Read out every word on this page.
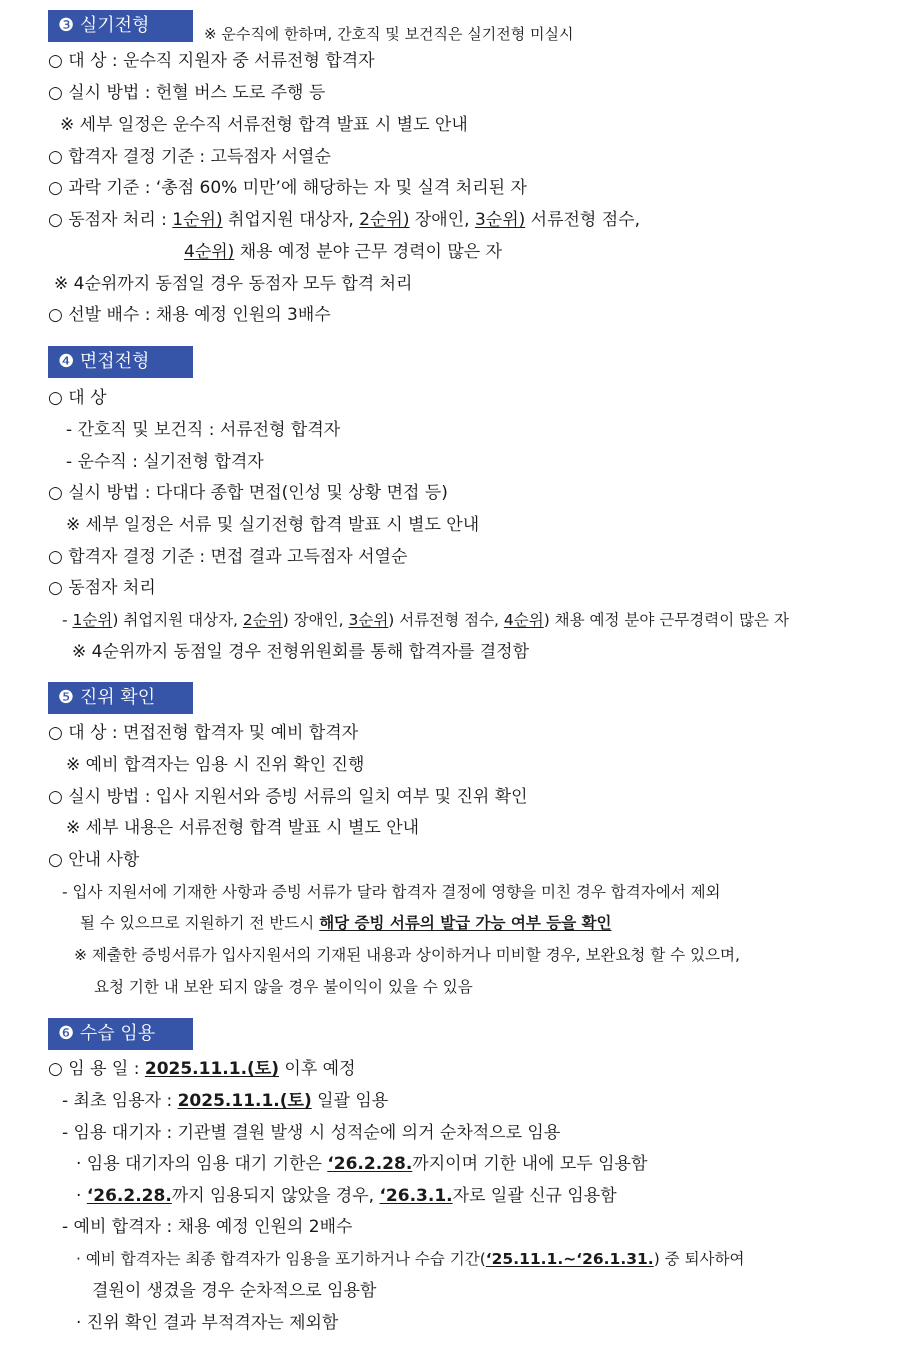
❸ 실기전형	※ 운수직에 한하며, 간호직 및 보건직은 실기전형 미실시
○ 대 상 : 운수직 지원자 중 서류전형 합격자
○ 실시 방법 : 헌혈 버스 도로 주행 등
※ 세부 일정은 운수직 서류전형 합격 발표 시 별도 안내
○ 합격자 결정 기준 : 고득점자 서열순
○ 과락 기준 : ‘총점 60% 미만’에 해당하는 자 및 실격 처리된 자
○ 동점자 처리 : 1순위) 취업지원 대상자, 2순위) 장애인, 3순위) 서류전형 점수,
4순위) 채용 예정 분야 근무 경력이 많은 자
※ 4순위까지 동점일 경우 동점자 모두 합격 처리
○ 선발 배수 : 채용 예정 인원의 3배수
❹ 면접전형
○ 대 상
- 간호직 및 보건직 : 서류전형 합격자
- 운수직 : 실기전형 합격자
○ 실시 방법 : 다대다 종합 면접(인성 및 상황 면접 등)
※ 세부 일정은 서류 및 실기전형 합격 발표 시 별도 안내
○ 합격자 결정 기준 : 면접 결과 고득점자 서열순
○ 동점자 처리
- 1순위) 취업지원 대상자, 2순위) 장애인, 3순위) 서류전형 점수, 4순위) 채용 예정 분야 근무경력이 많은 자
※ 4순위까지 동점일 경우 전형위원회를 통해 합격자를 결정함
❺ 진위 확인
○ 대 상 : 면접전형 합격자 및 예비 합격자
※ 예비 합격자는 임용 시 진위 확인 진행
○ 실시 방법 : 입사 지원서와 증빙 서류의 일치 여부 및 진위 확인
※ 세부 내용은 서류전형 합격 발표 시 별도 안내
○ 안내 사항
- 입사 지원서에 기재한 사항과 증빙 서류가 달라 합격자 결정에 영향을 미친 경우 합격자에서 제외
될 수 있으므로 지원하기 전 반드시 해당 증빙 서류의 발급 가능 여부 등을 확인
※ 제출한 증빙서류가 입사지원서의 기재된 내용과 상이하거나 미비할 경우, 보완요청 할 수 있으며,
요청 기한 내 보완 되지 않을 경우 불이익이 있을 수 있음
❻ 수습 임용
○ 임 용 일 : 2025.11.1.(토) 이후 예정
- 최초 임용자 : 2025.11.1.(토) 일괄 임용
- 임용 대기자 : 기관별 결원 발생 시 성적순에 의거 순차적으로 임용
· 임용 대기자의 임용 대기 기한은 ‘26.2.28.까지이며 기한 내에 모두 임용함
· ‘26.2.28.까지 임용되지 않았을 경우, ‘26.3.1.자로 일괄 신규 임용함
- 예비 합격자 : 채용 예정 인원의 2배수
· 예비 합격자는 최종 합격자가 임용을 포기하거나 수습 기간(‘25.11.1.~‘26.1.31.) 중 퇴사하여
결원이 생겼을 경우 순차적으로 임용함
· 진위 확인 결과 부적격자는 제외함
